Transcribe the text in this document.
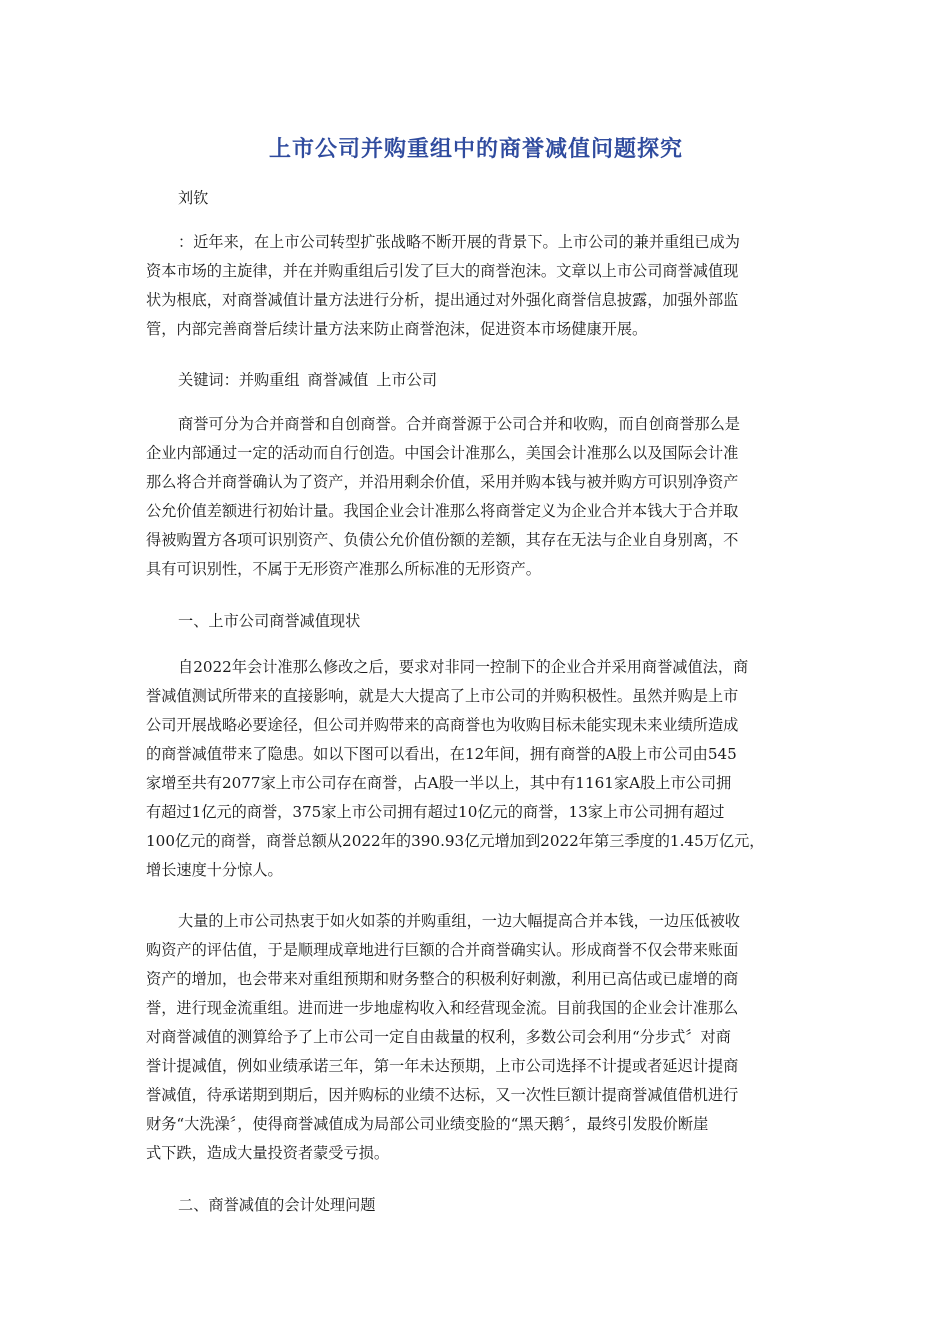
上市公司并购重组中的商誉减值问题探究
刘钦
：近年来，在上市公司转型扩张战略不断开展的背景下。上市公司的兼并重组已成为
资本市场的主旋律，并在并购重组后引发了巨大的商誉泡沫。文章以上市公司商誉减值现
状为根底，对商誉减值计量方法进行分析，提出通过对外强化商誉信息披露，加强外部监
管，内部完善商誉后续计量方法来防止商誉泡沫，促进资本市场健康开展。
关键词：并购重组 商誉减值 上市公司
商誉可分为合并商誉和自创商誉。合并商誉源于公司合并和收购，而自创商誉那么是
企业内部通过一定的活动而自行创造。中国会计准那么，美国会计准那么以及国际会计准
那么将合并商誉确认为了资产，并沿用剩余价值，采用并购本钱与被并购方可识别净资产
公允价值差额进行初始计量。我国企业会计准那么将商誉定义为企业合并本钱大于合并取
得被购置方各项可识别资产、负债公允价值份额的差额，其存在无法与企业自身别离，不
具有可识别性，不属于无形资产准那么所标准的无形资产。
一、上市公司商誉减值现状
自2022年会计准那么修改之后，要求对非同一控制下的企业合并采用商誉减值法，商
誉减值测试所带来的直接影响，就是大大提高了上市公司的并购积极性。虽然并购是上市
公司开展战略必要途径，但公司并购带来的高商誉也为收购目标未能实现未来业绩所造成
的商誉减值带来了隐患。如以下图可以看出，在12年间，拥有商誉的A股上市公司由545
家增至共有2077家上市公司存在商誉，占A股一半以上，其中有1161家A股上市公司拥
有超过1亿元的商誉，375家上市公司拥有超过10亿元的商誉，13家上市公司拥有超过
100亿元的商誉，商誉总额从2022年的390.93亿元增加到2022年第三季度的1.45万亿元，
增长速度十分惊人。
大量的上市公司热衷于如火如荼的并购重组，一边大幅提高合并本钱，一边压低被收
购资产的评估值，于是顺理成章地进行巨额的合并商誉确实认。形成商誉不仅会带来账面
资产的增加，也会带来对重组预期和财务整合的积极利好刺激，利用已高估或已虚增的商
誉，进行现金流重组。进而进一步地虚构收入和经营现金流。目前我国的企业会计准那么
对商誉减值的测算给予了上市公司一定自由裁量的权利，多数公司会利用“分步式〞对商
誉计提减值，例如业绩承诺三年，第一年未达预期，上市公司选择不计提或者延迟计提商
誉减值，待承诺期到期后，因并购标的业绩不达标，又一次性巨额计提商誉减值借机进行
财务“大洗澡〞，使得商誉减值成为局部公司业绩变脸的“黑天鹅〞，最终引发股价断崖
式下跌，造成大量投资者蒙受亏损。
二、商誉减值的会计处理问题
